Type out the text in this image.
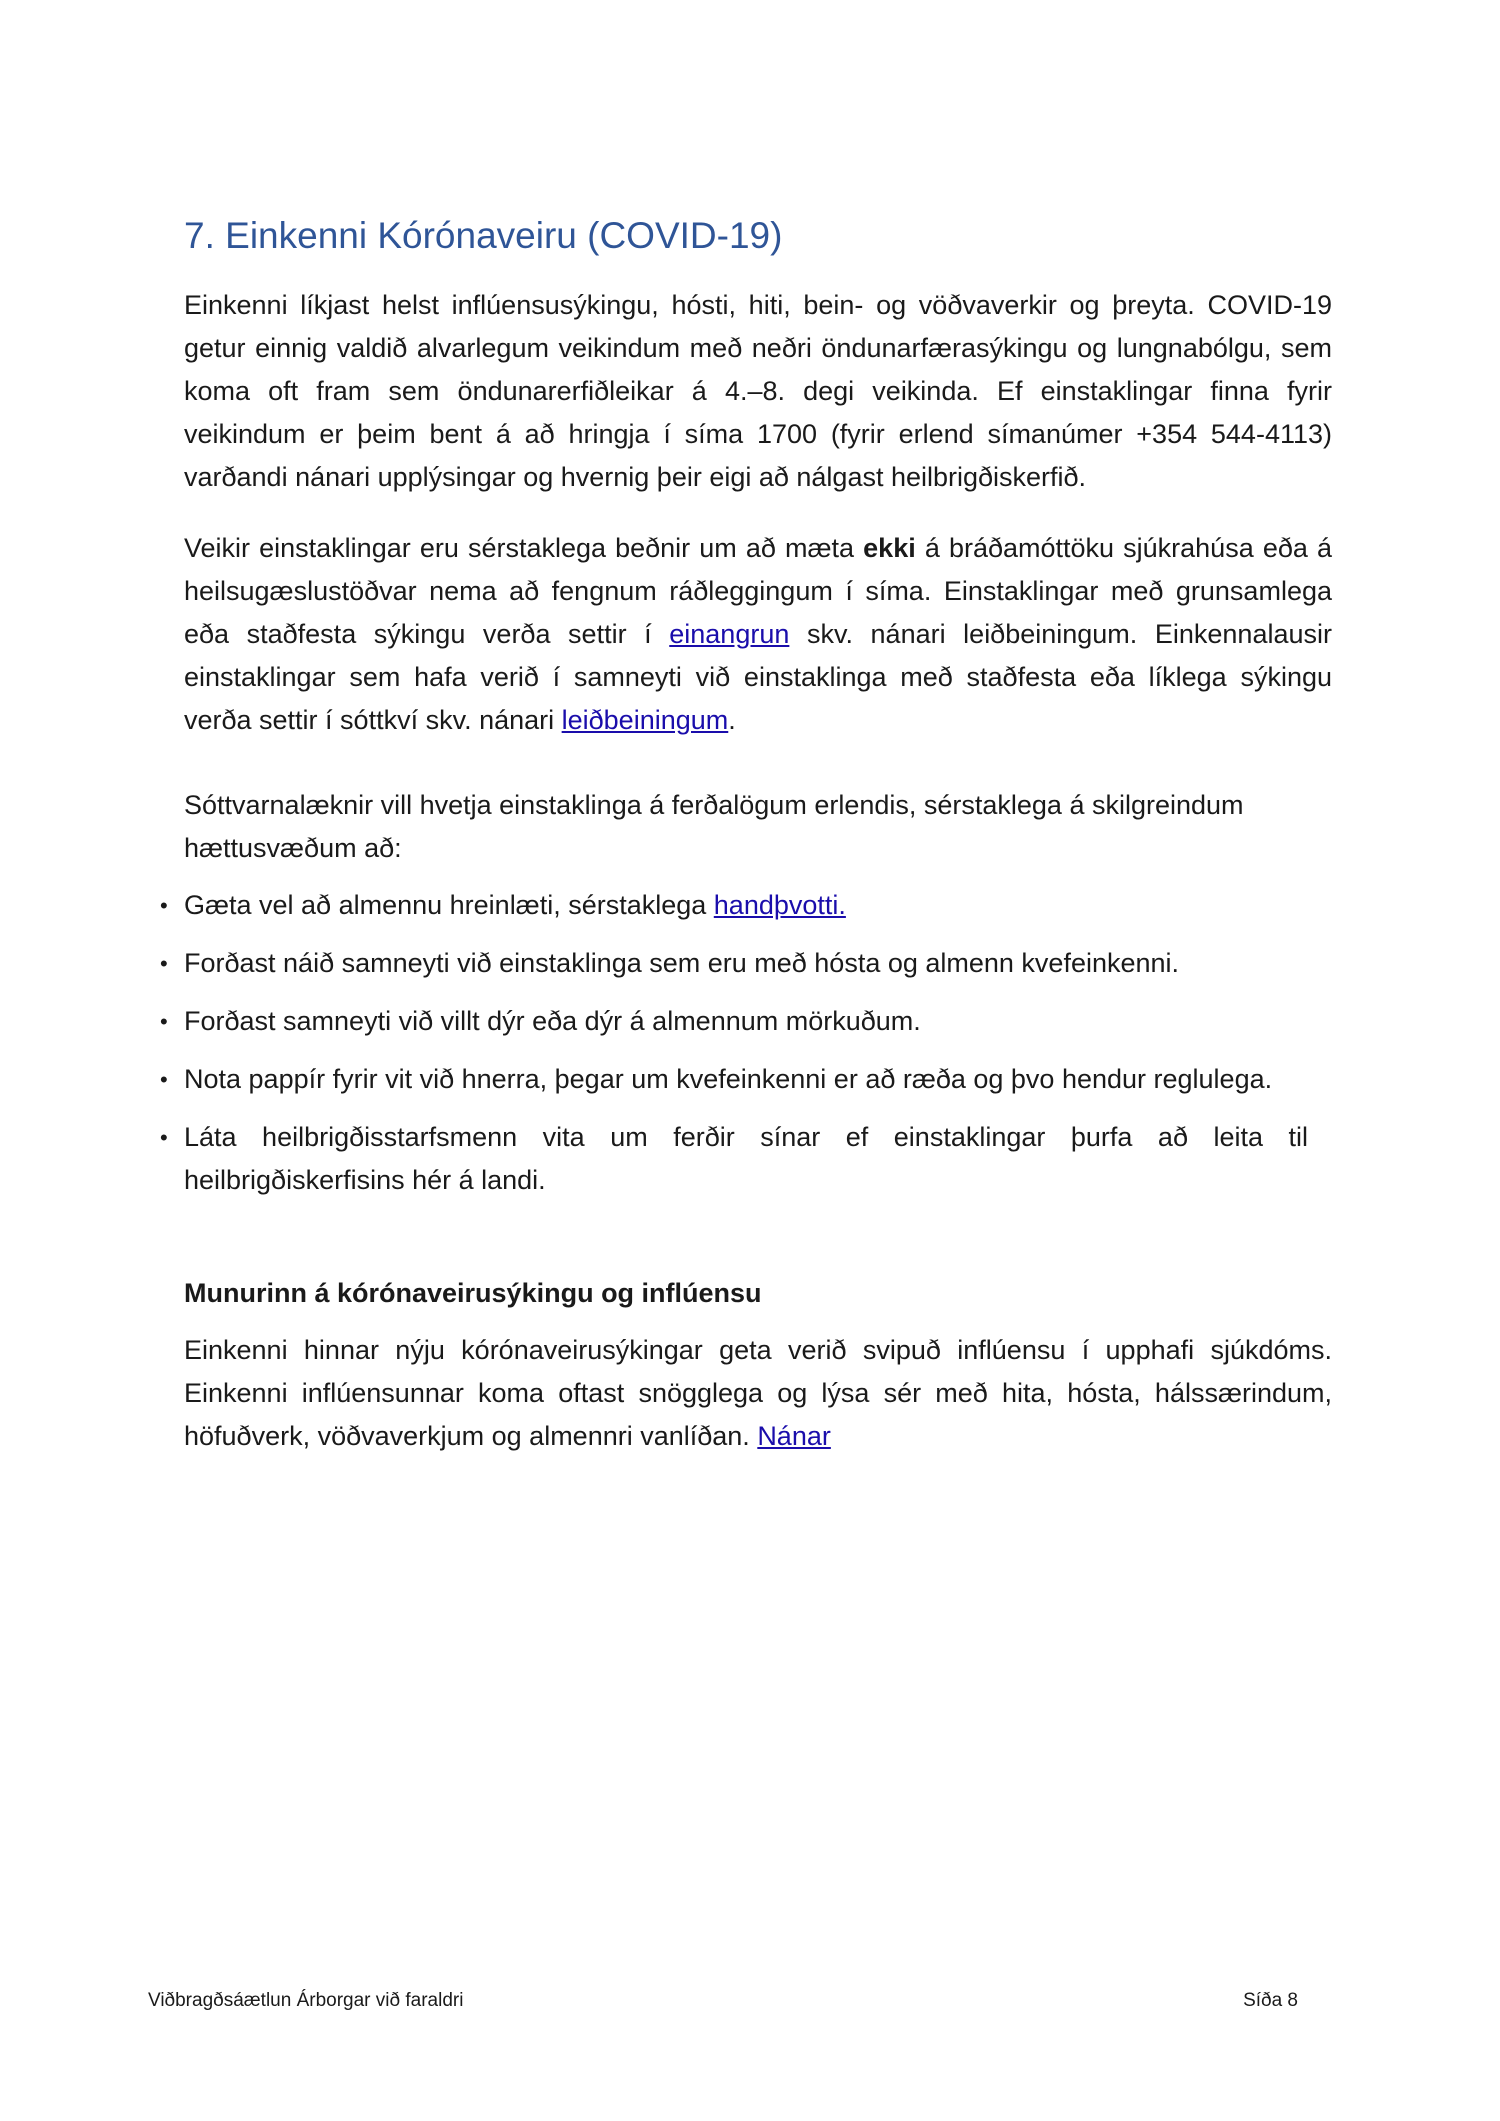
7. Einkenni Kórónaveiru (COVID-19)

Einkenni líkjast helst inflúensusýkingu, hósti, hiti, bein- og vöðvaverkir og þreyta. COVID-19 getur einnig valdið alvarlegum veikindum með neðri öndunarfærasýkingu og lungnabólgu, sem koma oft fram sem öndunarerfiðleikar á 4.–8. degi veikinda. Ef einstaklingar finna fyrir veikindum er þeim bent á að hringja í síma 1700 (fyrir erlend símanúmer +354 544-4113) varðandi nánari upplýsingar og hvernig þeir eigi að nálgast heilbrigðiskerfið.

Veikir einstaklingar eru sérstaklega beðnir um að mæta ekki á bráðamóttöku sjúkrahúsa eða á heilsugæslustöðvar nema að fengnum ráðleggingum í síma. Einstaklingar með grunsamlega eða staðfesta sýkingu verða settir í einangrun skv. nánari leiðbeiningum. Einkennalausir einstaklingar sem hafa verið í samneyti við einstaklinga með staðfesta eða líklega sýkingu verða settir í sóttkví skv. nánari leiðbeiningum.

Sóttvarnalæknir vill hvetja einstaklinga á ferðalögum erlendis, sérstaklega á skilgreindum hættusvæðum að:

• Gæta vel að almennu hreinlæti, sérstaklega handþvotti.
• Forðast náið samneyti við einstaklinga sem eru með hósta og almenn kvefeinkenni.
• Forðast samneyti við villt dýr eða dýr á almennum mörkuðum.
• Nota pappír fyrir vit við hnerra, þegar um kvefeinkenni er að ræða og þvo hendur reglulega.
• Láta heilbrigðisstarfsmenn vita um ferðir sínar ef einstaklingar þurfa að leita til heilbrigðiskerfisins hér á landi.
Munurinn á kórónaveirusýkingu og inflúensu

Einkenni hinnar nýju kórónaveirusýkingar geta verið svipuð inflúensu í upphafi sjúkdóms. Einkenni inflúensunnar koma oftast snögglega og lýsa sér með hita, hósta, hálssærindum, höfuðverk, vöðvaverkjum og almennri vanlíðan. Nánar

Viðbragðsáætlun Árborgar við faraldri	Síða 8
